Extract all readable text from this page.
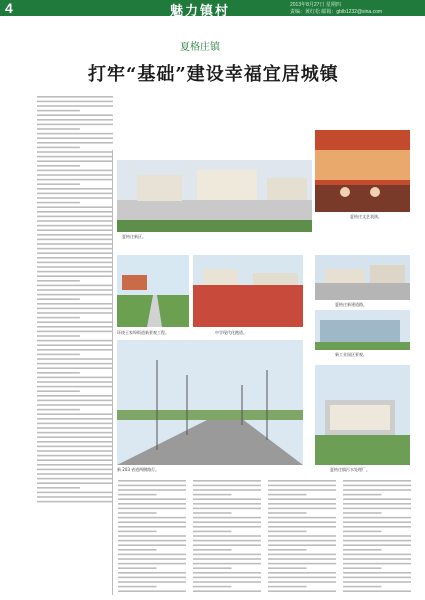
4	魅力镇村	2013年8月27日 星期四
责编：黄红松 邮箱：gblb1232@sina.com
夏格庄镇
打牢“基础”建设幸福宜居城镇
夏格庄文艺表演。
夏格庄新区。
环绕王家埠街道新景观工程。	中学现代化跑道。
夏格庄新建道路。
新工业园区景观。
新 203 省道两侧路灯。	夏格庄镇污水处理厂。
